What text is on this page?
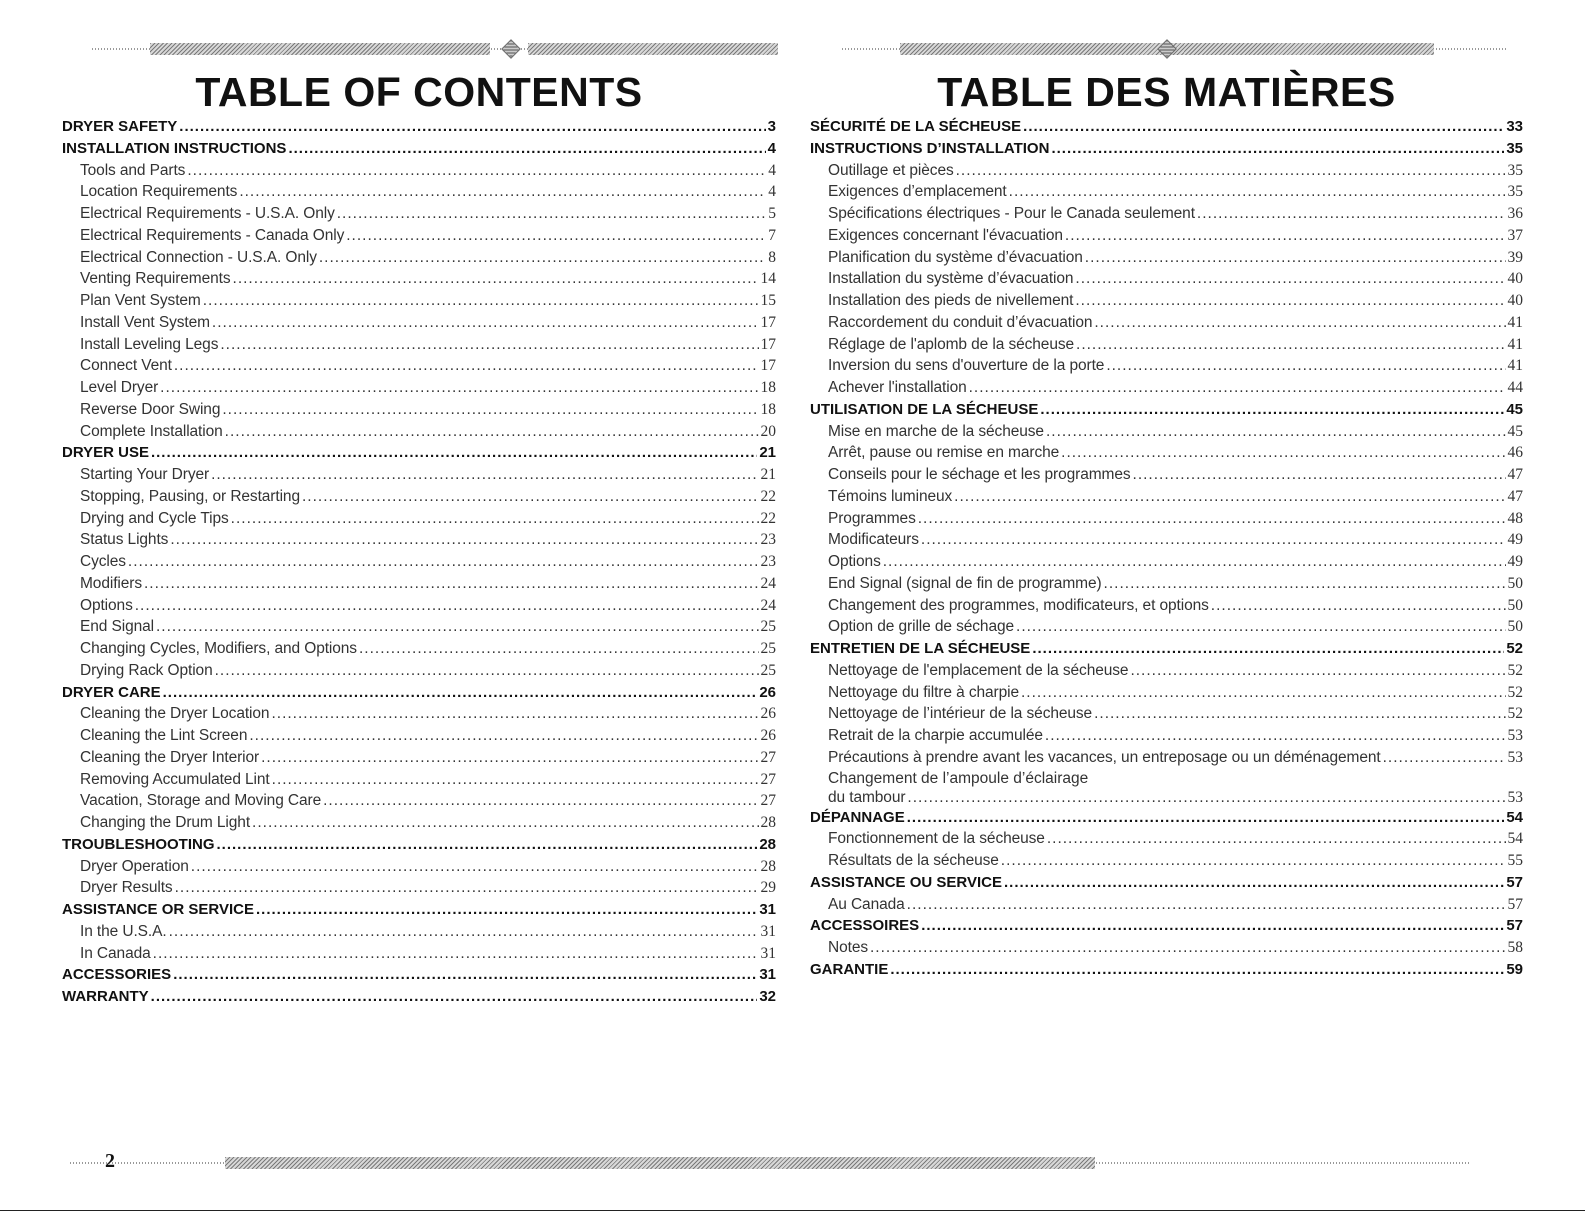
TABLE OF CONTENTS
DRYER SAFETY .....	3
INSTALLATION INSTRUCTIONS .....	4
Tools and Parts .....	4
Location Requirements .....	4
Electrical Requirements - U.S.A. Only .....	5
Electrical Requirements - Canada Only .....	7
Electrical Connection - U.S.A. Only .....	8
Venting Requirements .....	14
Plan Vent System .....	15
Install Vent System .....	17
Install Leveling Legs .....	17
Connect Vent .....	17
Level Dryer .....	18
Reverse Door Swing .....	18
Complete Installation .....	20
DRYER USE .....	21
Starting Your Dryer .....	21
Stopping, Pausing, or Restarting .....	22
Drying and Cycle Tips .....	22
Status Lights .....	23
Cycles .....	23
Modifiers .....	24
Options .....	24
End Signal .....	25
Changing Cycles, Modifiers, and Options .....	25
Drying Rack Option .....	25
DRYER CARE .....	26
Cleaning the Dryer Location .....	26
Cleaning the Lint Screen .....	26
Cleaning the Dryer Interior .....	27
Removing Accumulated Lint .....	27
Vacation, Storage and Moving Care .....	27
Changing the Drum Light .....	28
TROUBLESHOOTING .....	28
Dryer Operation .....	28
Dryer Results .....	29
ASSISTANCE OR SERVICE .....	31
In the U.S.A. .....	31
In Canada .....	31
ACCESSORIES .....	31
WARRANTY .....	32
TABLE DES MATIÈRES
SÉCURITÉ DE LA SÉCHEUSE .....	33
INSTRUCTIONS D’INSTALLATION .....	35
Outillage et pièces .....	35
Exigences d’emplacement .....	35
Spécifications électriques - Pour le Canada seulement .....	36
Exigences concernant l'évacuation .....	37
Planification du système d’évacuation .....	39
Installation du système d’évacuation .....	40
Installation des pieds de nivellement .....	40
Raccordement du conduit d’évacuation .....	41
Réglage de l'aplomb de la sécheuse .....	41
Inversion du sens d'ouverture de la porte .....	41
Achever l'installation .....	44
UTILISATION DE LA SÉCHEUSE .....	45
Mise en marche de la sécheuse .....	45
Arrêt, pause ou remise en marche .....	46
Conseils pour le séchage et les programmes .....	47
Témoins lumineux .....	47
Programmes .....	48
Modificateurs .....	49
Options .....	49
End Signal (signal de fin de programme) .....	50
Changement des programmes, modificateurs, et options .....	50
Option de grille de séchage .....	50
ENTRETIEN DE LA SÉCHEUSE .....	52
Nettoyage de l'emplacement de la sécheuse .....	52
Nettoyage du filtre à charpie .....	52
Nettoyage de l’intérieur de la sécheuse .....	52
Retrait de la charpie accumulée .....	53
Précautions à prendre avant les vacances, un entreposage ou un déménagement .....	53
Changement de l’ampoule d’éclairage
du tambour .....	53
DÉPANNAGE .....	54
Fonctionnement de la sécheuse .....	54
Résultats de la sécheuse .....	55
ASSISTANCE OU SERVICE .....	57
Au Canada .....	57
ACCESSOIRES .....	57
Notes .....	58
GARANTIE .....	59
2
